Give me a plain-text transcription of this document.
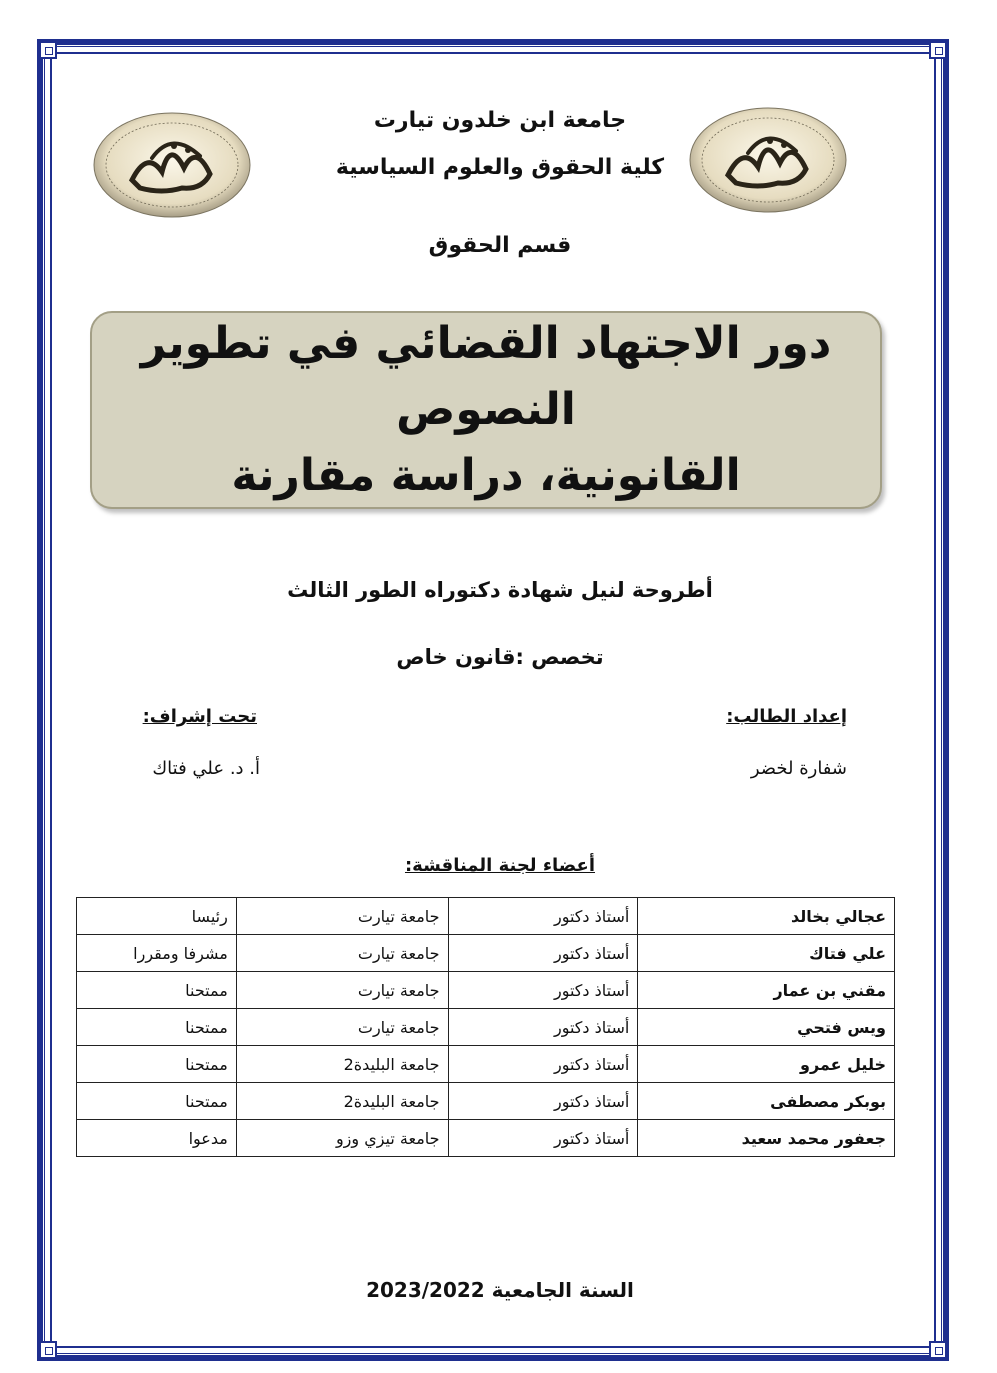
جامعة ابن خلدون تيارت
كلية الحقوق والعلوم السياسية
قسم الحقوق
دور الاجتهاد القضائي في تطوير النصوص
القانونية، دراسة مقارنة
أطروحة لنيل شهادة دكتوراه الطور الثالث
تخصص :قانون خاص
إعداد الطالب:
تحت إشراف:
شفارة لخضر
أ. د. علي فتاك
أعضاء لجنة المناقشة:
عجالي بخالد	أستاذ دكتور	جامعة تيارت	رئيسا
علي فتاك	أستاذ دكتور	جامعة تيارت	مشرفا ومقررا
مقني بن عمار	أستاذ دكتور	جامعة تيارت	ممتحنا
ويس فتحي	أستاذ دكتور	جامعة تيارت	ممتحنا
خليل عمرو	أستاذ دكتور	جامعة البليدة2	ممتحنا
بوبكر مصطفى	أستاذ دكتور	جامعة البليدة2	ممتحنا
جعفور محمد سعيد	أستاذ دكتور	جامعة تيزي وزو	مدعوا
السنة الجامعية 2023/2022
